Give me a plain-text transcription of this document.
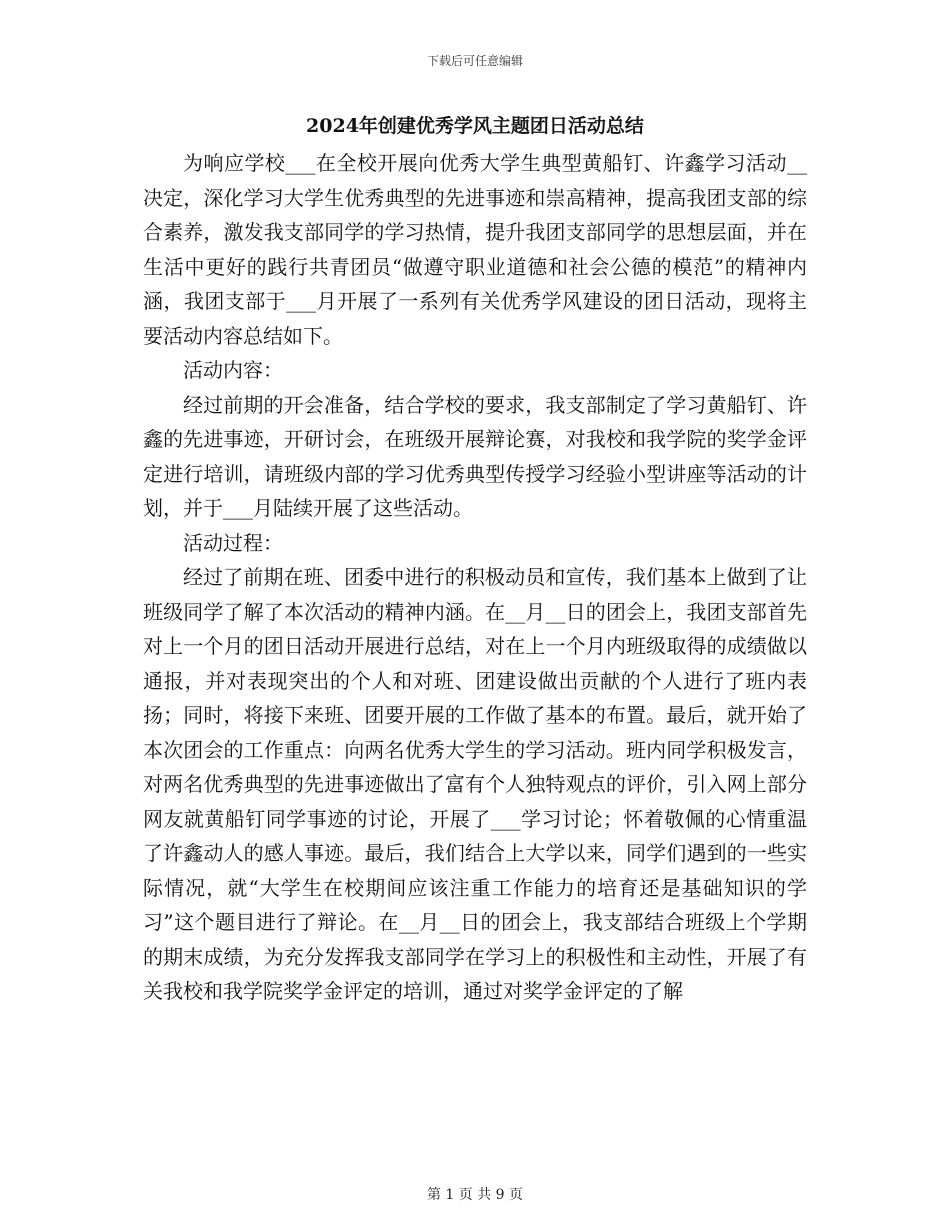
下载后可任意编辑
2024年创建优秀学风主题团日活动总结

为响应学校___在全校开展向优秀大学生典型黄船钉、许鑫学习活动__决定，深化学习大学生优秀典型的先进事迹和崇高精神，提高我团支部的综合素养，激发我支部同学的学习热情，提升我团支部同学的思想层面，并在生活中更好的践行共青团员“做遵守职业道德和社会公德的模范”的精神内涵，我团支部于___月开展了一系列有关优秀学风建设的团日活动，现将主要活动内容总结如下。

活动内容：

经过前期的开会准备，结合学校的要求，我支部制定了学习黄船钉、许鑫的先进事迹，开研讨会，在班级开展辩论赛，对我校和我学院的奖学金评定进行培训，请班级内部的学习优秀典型传授学习经验小型讲座等活动的计划，并于___月陆续开展了这些活动。

活动过程：

经过了前期在班、团委中进行的积极动员和宣传，我们基本上做到了让班级同学了解了本次活动的精神内涵。在__月__日的团会上，我团支部首先对上一个月的团日活动开展进行总结，对在上一个月内班级取得的成绩做以通报，并对表现突出的个人和对班、团建设做出贡献的个人进行了班内表扬；同时，将接下来班、团要开展的工作做了基本的布置。最后，就开始了本次团会的工作重点：向两名优秀大学生的学习活动。班内同学积极发言，对两名优秀典型的先进事迹做出了富有个人独特观点的评价，引入网上部分网友就黄船钉同学事迹的讨论，开展了___学习讨论；怀着敬佩的心情重温了许鑫动人的感人事迹。最后，我们结合上大学以来，同学们遇到的一些实际情况，就“大学生在校期间应该注重工作能力的培育还是基础知识的学习”这个题目进行了辩论。在__月__日的团会上，我支部结合班级上个学期的期末成绩，为充分发挥我支部同学在学习上的积极性和主动性，开展了有关我校和我学院奖学金评定的培训，通过对奖学金评定的了解

第 1 页 共 9 页
